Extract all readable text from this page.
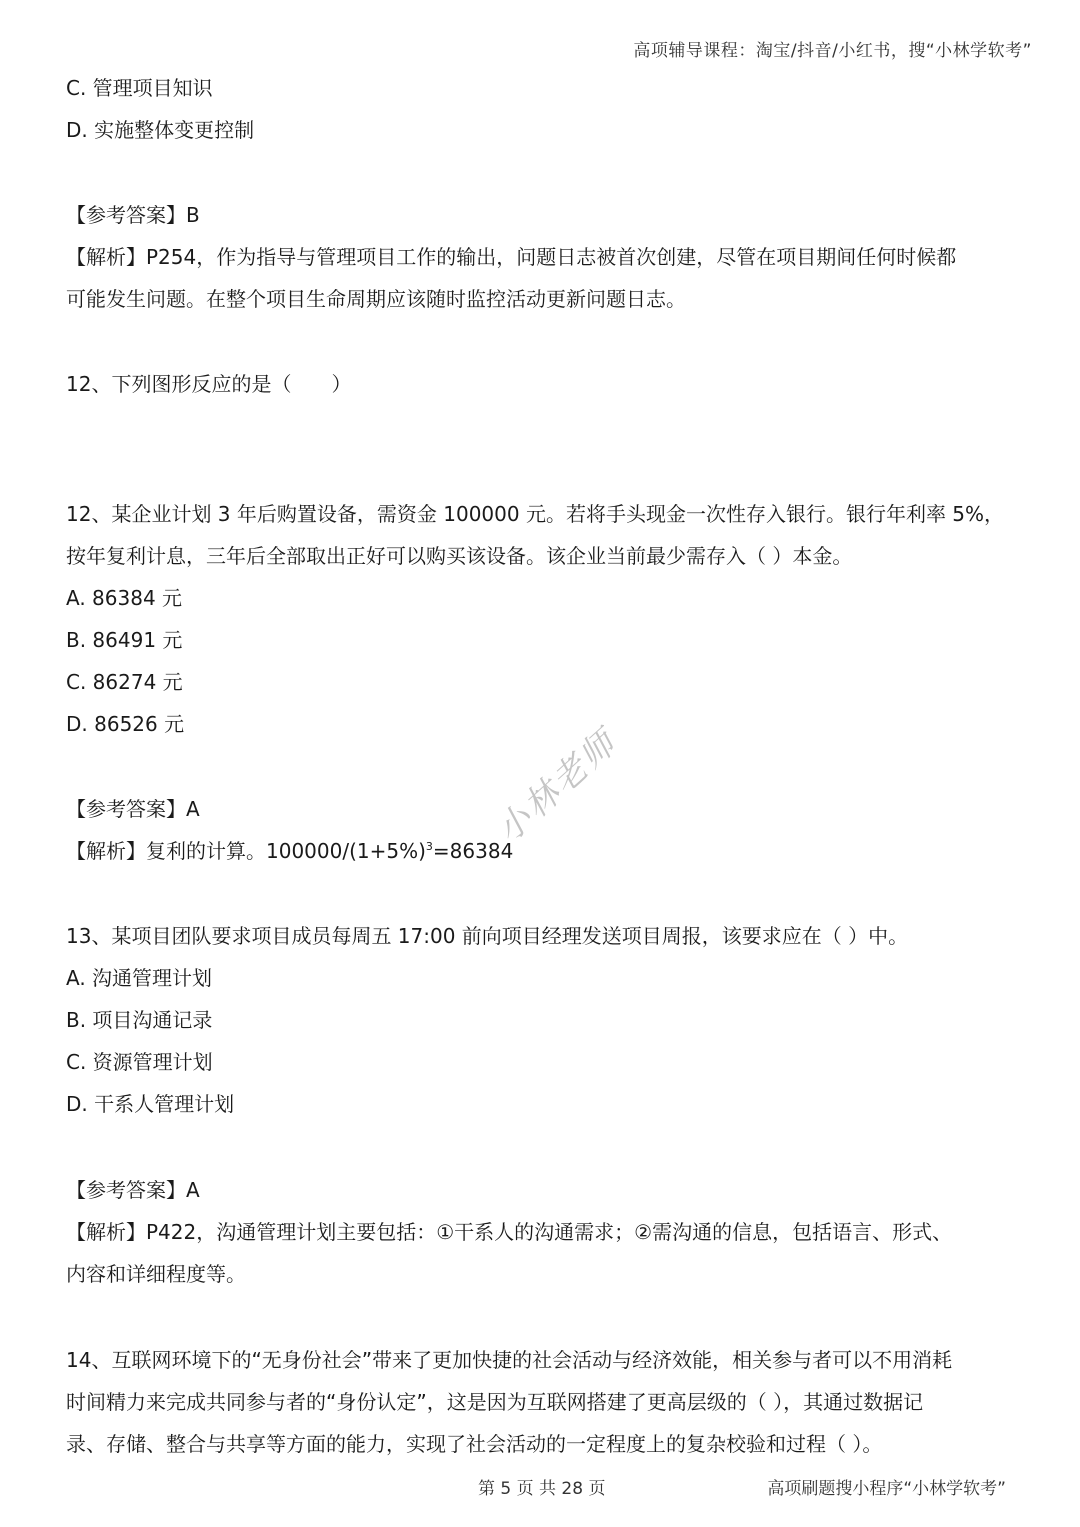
高项辅导课程：淘宝/抖音/小红书，搜“小林学软考”
C. 管理项目知识
D. 实施整体变更控制
【参考答案】B
【解析】P254，作为指导与管理项目工作的输出，问题日志被首次创建，尽管在项目期间任何时候都
可能发生问题。在整个项目生命周期应该随时监控活动更新问题日志。
12、下列图形反应的是（　　）
12、某企业计划 3 年后购置设备，需资金 100000 元。若将手头现金一次性存入银行。银行年利率 5%，
按年复利计息，三年后全部取出正好可以购买该设备。该企业当前最少需存入（ ）本金。
A. 86384 元
B. 86491 元
C. 86274 元
D. 86526 元
【参考答案】A
【解析】复利的计算。$100000/(1+5\%)^3=86384$
小林老师
13、某项目团队要求项目成员每周五 17:00 前向项目经理发送项目周报，该要求应在（ ）中。
A. 沟通管理计划
B. 项目沟通记录
C. 资源管理计划
D. 干系人管理计划
【参考答案】A
【解析】P422，沟通管理计划主要包括：①干系人的沟通需求；②需沟通的信息，包括语言、形式、
内容和详细程度等。
14、互联网环境下的“无身份社会”带来了更加快捷的社会活动与经济效能，相关参与者可以不用消耗
时间精力来完成共同参与者的“身份认定”，这是因为互联网搭建了更高层级的（ ），其通过数据记
录、存储、整合与共享等方面的能力，实现了社会活动的一定程度上的复杂校验和过程（ ）。
第 5 页 共 28 页	高项刷题搜小程序“小林学软考”
